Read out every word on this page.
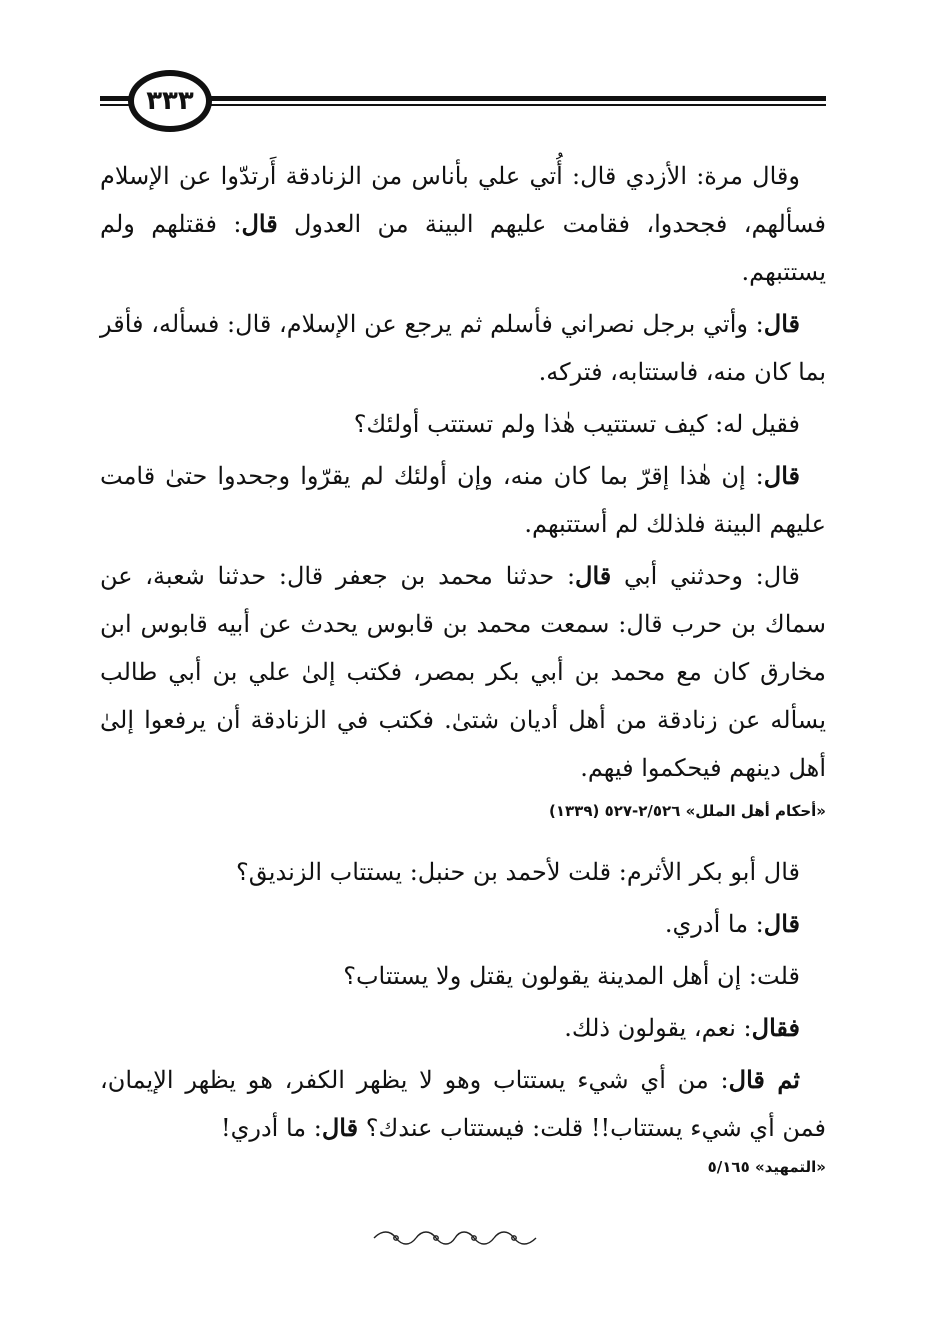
٣٣٣

وقال مرة: الأزدي قال: أُتي علي بأناس من الزنادقة أَرتدّوا عن الإسلام فسألهم، فجحدوا، فقامت عليهم البينة من العدول قال: فقتلهم ولم يستتبهم.

قال: وأتي برجل نصراني فأسلم ثم يرجع عن الإسلام، قال: فسأله، فأقر بما كان منه، فاستتابه، فتركه.

فقيل له: كيف تستتيب هٰذا ولم تستتب أولئك؟

قال: إن هٰذا إقرّ بما كان منه، وإن أولئك لم يقرّوا وجحدوا حتىٰ قامت عليهم البينة فلذلك لم أستتبهم.

قال: وحدثني أبي قال: حدثنا محمد بن جعفر قال: حدثنا شعبة، عن سماك بن حرب قال: سمعت محمد بن قابوس يحدث عن أبيه قابوس ابن مخارق كان مع محمد بن أبي بكر بمصر، فكتب إلىٰ علي بن أبي طالب يسأله عن زنادقة من أهل أديان شتىٰ. فكتب في الزنادقة أن يرفعوا إلىٰ أهل دينهم فيحكموا فيهم.

«أحكام أهل الملل» ٢/٥٢٦-٥٢٧ (١٣٣٩)

قال أبو بكر الأثرم: قلت لأحمد بن حنبل: يستتاب الزنديق؟

قال: ما أدري.

قلت: إن أهل المدينة يقولون يقتل ولا يستتاب؟

فقال: نعم، يقولون ذلك.

ثم قال: من أي شيء يستتاب وهو لا يظهر الكفر، هو يظهر الإيمان، فمن أي شيء يستتاب!! قلت: فيستتاب عندك؟ قال: ما أدري!

«التمهيد» ٥/١٦٥
